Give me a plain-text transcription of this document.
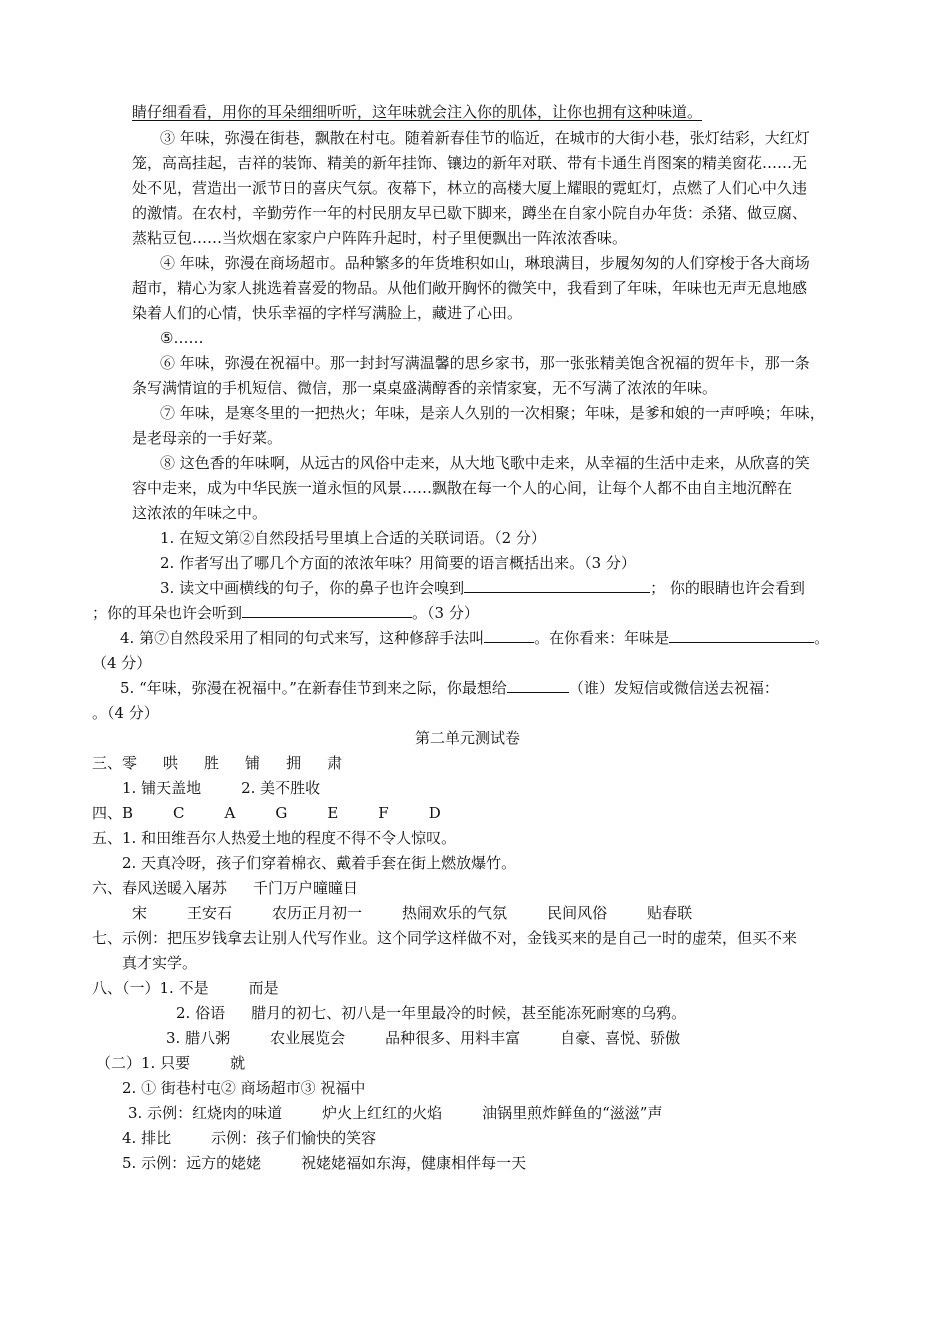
睛仔细看看，用你的耳朵细细听听，这年味就会注入你的肌体，让你也拥有这种味道。
③ 年味，弥漫在街巷，飘散在村屯。随着新春佳节的临近，在城市的大街小巷，张灯结彩，大红灯
笼，高高挂起，吉祥的装饰、精美的新年挂饰、镶边的新年对联、带有卡通生肖图案的精美窗花……无
处不见，营造出一派节日的喜庆气氛。夜幕下，林立的高楼大厦上耀眼的霓虹灯，点燃了人们心中久违
的激情。在农村，辛勤劳作一年的村民朋友早已歇下脚来，蹲坐在自家小院自办年货：杀猪、做豆腐、
蒸粘豆包……当炊烟在家家户户阵阵升起时，村子里便飘出一阵浓浓香味。
④ 年味，弥漫在商场超市。品种繁多的年货堆积如山，琳琅满目，步履匆匆的人们穿梭于各大商场
超市，精心为家人挑选着喜爱的物品。从他们敞开胸怀的微笑中，我看到了年味，年味也无声无息地感
染着人们的心情，快乐幸福的字样写满脸上，藏进了心田。
⑤……
⑥ 年味，弥漫在祝福中。那一封封写满温馨的思乡家书，那一张张精美饱含祝福的贺年卡，那一条
条写满情谊的手机短信、微信，那一桌桌盛满醇香的亲情家宴，无不写满了浓浓的年味。
⑦ 年味，是寒冬里的一把热火；年味，是亲人久别的一次相聚；年味，是爹和娘的一声呼唤；年味，
是老母亲的一手好菜。
⑧ 这色香的年味啊，从远古的风俗中走来，从大地飞歌中走来，从幸福的生活中走来，从欣喜的笑
容中走来，成为中华民族一道永恒的风景……飘散在每一个人的心间，让每个人都不由自主地沉醉在
这浓浓的年味之中。
1. 在短文第②自然段括号里填上合适的关联词语。（2 分）
2. 作者写出了哪几个方面的浓浓年味？用简要的语言概括出来。（3 分）
3. 读文中画横线的句子，你的鼻子也许会嗅到	； 你的眼睛也许会看到
；你的耳朵也许会听到	。（3 分）
4. 第⑦自然段采用了相同的句式来写，这种修辞手法叫	。在你看来：年味是	。
（4 分）
5. “年味，弥漫在祝福中。”在新春佳节到来之际，你最想给	（谁）发短信或微信送去祝福：
。（4 分）
第二单元测试卷
三、零 哄 胜 铺 拥 肃
1. 铺天盖地	2. 美不胜收
四、B	C	A	G	E	F	D
五、1. 和田维吾尔人热爱土地的程度不得不令人惊叹。
2. 天真冷呀，孩子们穿着棉衣、戴着手套在街上燃放爆竹。
六、春风送暖入屠苏 千门万户曈曈日
宋	王安石	农历正月初一	热闹欢乐的气氛	民间风俗	贴春联
七、示例：把压岁钱拿去让别人代写作业。这个同学这样做不对，金钱买来的是自己一时的虚荣，但买不来
真才实学。
八、（一）1. 不是	而是
2. 俗语 腊月的初七、初八是一年里最冷的时候，甚至能冻死耐寒的乌鸦。
3. 腊八粥	农业展览会	品种很多、用料丰富	自豪、喜悦、骄傲
（二）1. 只要	就
2. ① 街巷村屯② 商场超市③ 祝福中
3. 示例：红烧肉的味道	炉火上红红的火焰	油锅里煎炸鲜鱼的“滋滋”声
4. 排比	示例：孩子们愉快的笑容
5. 示例：远方的姥姥	祝姥姥福如东海，健康相伴每一天
